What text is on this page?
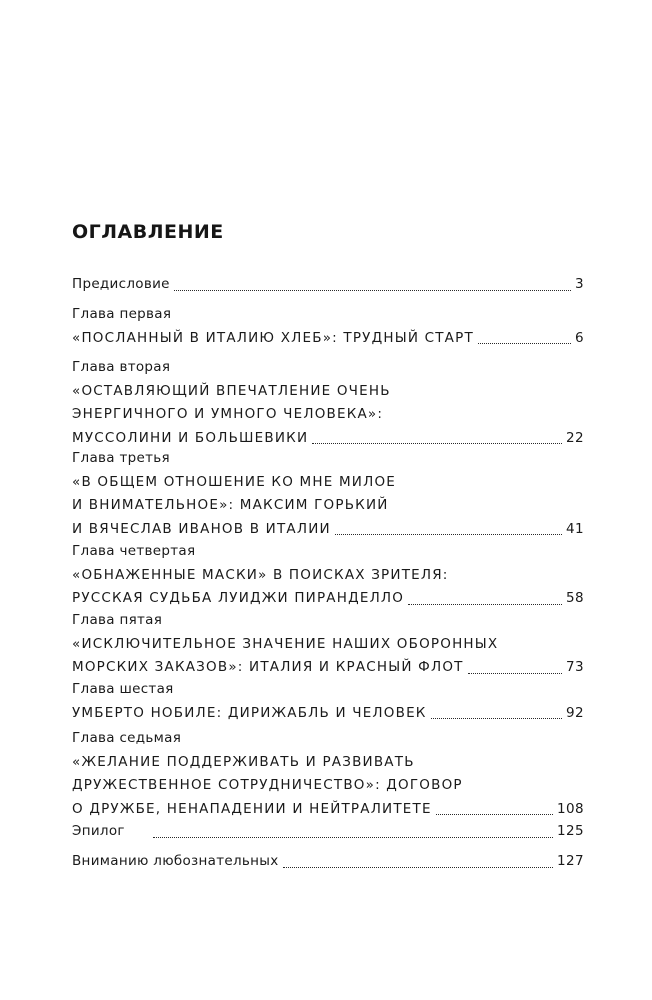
ОГЛАВЛЕНИЕ
Предисловие	3
Глава первая
«ПОСЛАННЫЙ В ИТАЛИЮ ХЛЕБ»: ТРУДНЫЙ СТАРТ	6
Глава вторая
«ОСТАВЛЯЮЩИЙ ВПЕЧАТЛЕНИЕ ОЧЕНЬ
ЭНЕРГИЧНОГО И УМНОГО ЧЕЛОВЕКА»:
МУССОЛИНИ И БОЛЬШЕВИКИ	22
Глава третья
«В ОБЩЕМ ОТНОШЕНИЕ КО МНЕ МИЛОЕ
И ВНИМАТЕЛЬНОЕ»: МАКСИМ ГОРЬКИЙ
И ВЯЧЕСЛАВ ИВАНОВ В ИТАЛИИ	41
Глава четвертая
«ОБНАЖЕННЫЕ МАСКИ» В ПОИСКАХ ЗРИТЕЛЯ:
РУССКАЯ СУДЬБА ЛУИДЖИ ПИРАНДЕЛЛО	58
Глава пятая
«ИСКЛЮЧИТЕЛЬНОЕ ЗНАЧЕНИЕ НАШИХ ОБОРОННЫХ
МОРСКИХ ЗАКАЗОВ»: ИТАЛИЯ И КРАСНЫЙ ФЛОТ	73
Глава шестая
УМБЕРТО НОБИЛЕ: ДИРИЖАБЛЬ И ЧЕЛОВЕК	92
Глава седьмая
«ЖЕЛАНИЕ ПОДДЕРЖИВАТЬ И РАЗВИВАТЬ
ДРУЖЕСТВЕННОЕ СОТРУДНИЧЕСТВО»: ДОГОВОР
О ДРУЖБЕ, НЕНАПАДЕНИИ И НЕЙТРАЛИТЕТЕ	108
Эпилог	125
Вниманию любознательных	127
